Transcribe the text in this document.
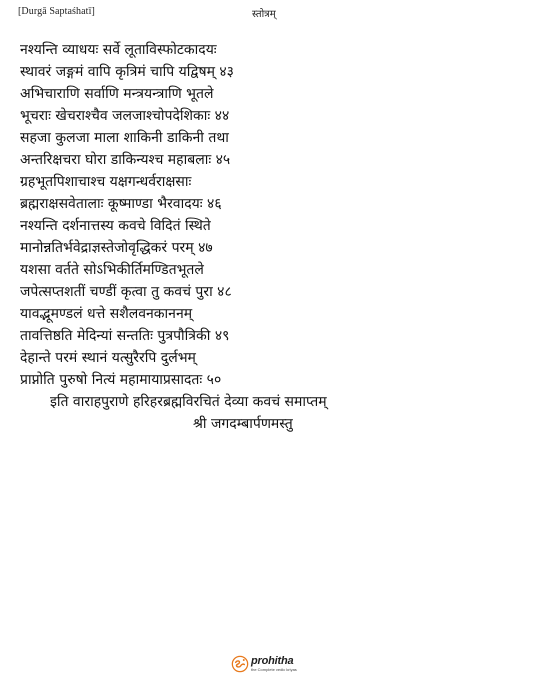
[Durgā Saptaśhatī]	स्तोत्रम्
नश्यन्ति व्याधयः सर्वे लूताविस्फोटकादयः
स्थावरं जङ्गमं वापि कृत्रिमं चापि यद्विषम् ४३
अभिचाराणि सर्वाणि मन्त्रयन्त्राणि भूतले
भूचराः खेचराश्चैव जलजाश्चोपदेशिकाः ४४
सहजा कुलजा माला शाकिनी डाकिनी तथा
अन्तरिक्षचरा घोरा डाकिन्यश्च महाबलाः ४५
ग्रहभूतपिशाचाश्च यक्षगन्धर्वराक्षसाः
ब्रह्मराक्षसवेतालाः कूष्माण्डा भैरवादयः ४६
नश्यन्ति दर्शनात्तस्य कवचे विदितं स्थिते
मानोन्नतिर्भवेद्राज्ञस्तेजोवृद्धिकरं परम् ४७
यशसा वर्तते सोऽभिकीर्तिमण्डितभूतले
जपेत्सप्तशतीं चण्डीं कृत्वा तु कवचं पुरा ४८
यावद्भूमण्डलं धत्ते सशैलवनकाननम्
तावत्तिष्ठति मेदिन्यां सन्ततिः पुत्रपौत्रिकी ४९
देहान्ते परमं स्थानं यत्सुरैरपि दुर्लभम्
प्राप्नोति पुरुषो नित्यं महामायाप्रसादतः ५०
इति वाराहपुराणे हरिहरब्रह्मविरचितं देव्या कवचं समाप्तम्
श्री जगदम्बार्पणमस्तु
prohitha
the Complete vedic kriyas
